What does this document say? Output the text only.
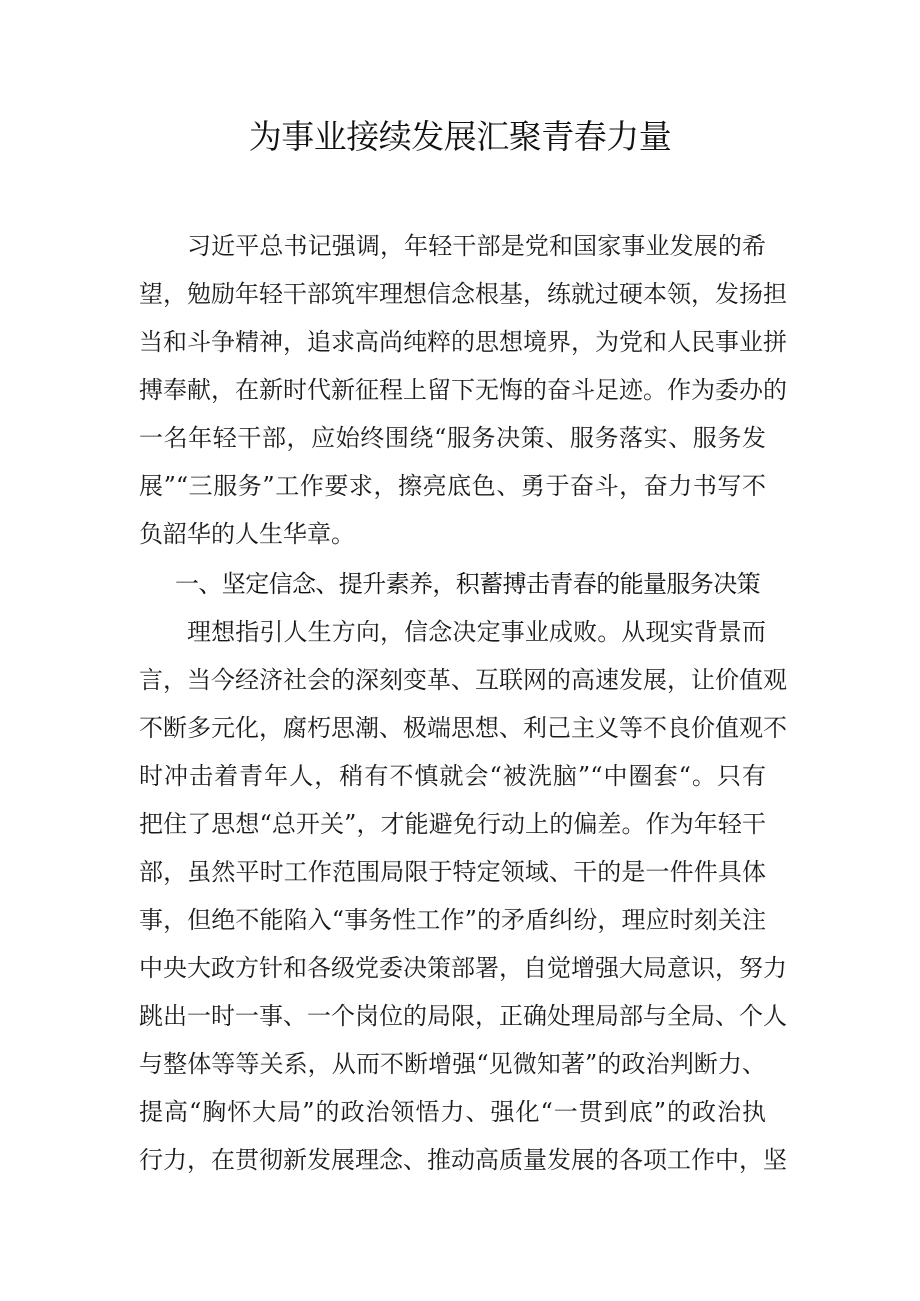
为事业接续发展汇聚青春力量
习近平总书记强调，年轻干部是党和国家事业发展的希
望，勉励年轻干部筑牢理想信念根基，练就过硬本领，发扬担
当和斗争精神，追求高尚纯粹的思想境界，为党和人民事业拼
搏奉献，在新时代新征程上留下无悔的奋斗足迹。作为委办的
一名年轻干部，应始终围绕“服务决策、服务落实、服务发
展”“三服务”工作要求，擦亮底色、勇于奋斗，奋力书写不
负韶华的人生华章。
一、坚定信念、提升素养，积蓄搏击青春的能量服务决策
理想指引人生方向，信念决定事业成败。从现实背景而
言，当今经济社会的深刻变革、互联网的高速发展，让价值观
不断多元化，腐朽思潮、极端思想、利己主义等不良价值观不
时冲击着青年人，稍有不慎就会“被洗脑”“中圈套“。只有
把住了思想“总开关”，才能避免行动上的偏差。作为年轻干
部，虽然平时工作范围局限于特定领域、干的是一件件具体
事，但绝不能陷入“事务性工作”的矛盾纠纷，理应时刻关注
中央大政方针和各级党委决策部署，自觉增强大局意识，努力
跳出一时一事、一个岗位的局限，正确处理局部与全局、个人
与整体等等关系，从而不断增强“见微知著”的政治判断力、
提高“胸怀大局”的政治领悟力、强化“一贯到底”的政治执
行力，在贯彻新发展理念、推动高质量发展的各项工作中，坚
